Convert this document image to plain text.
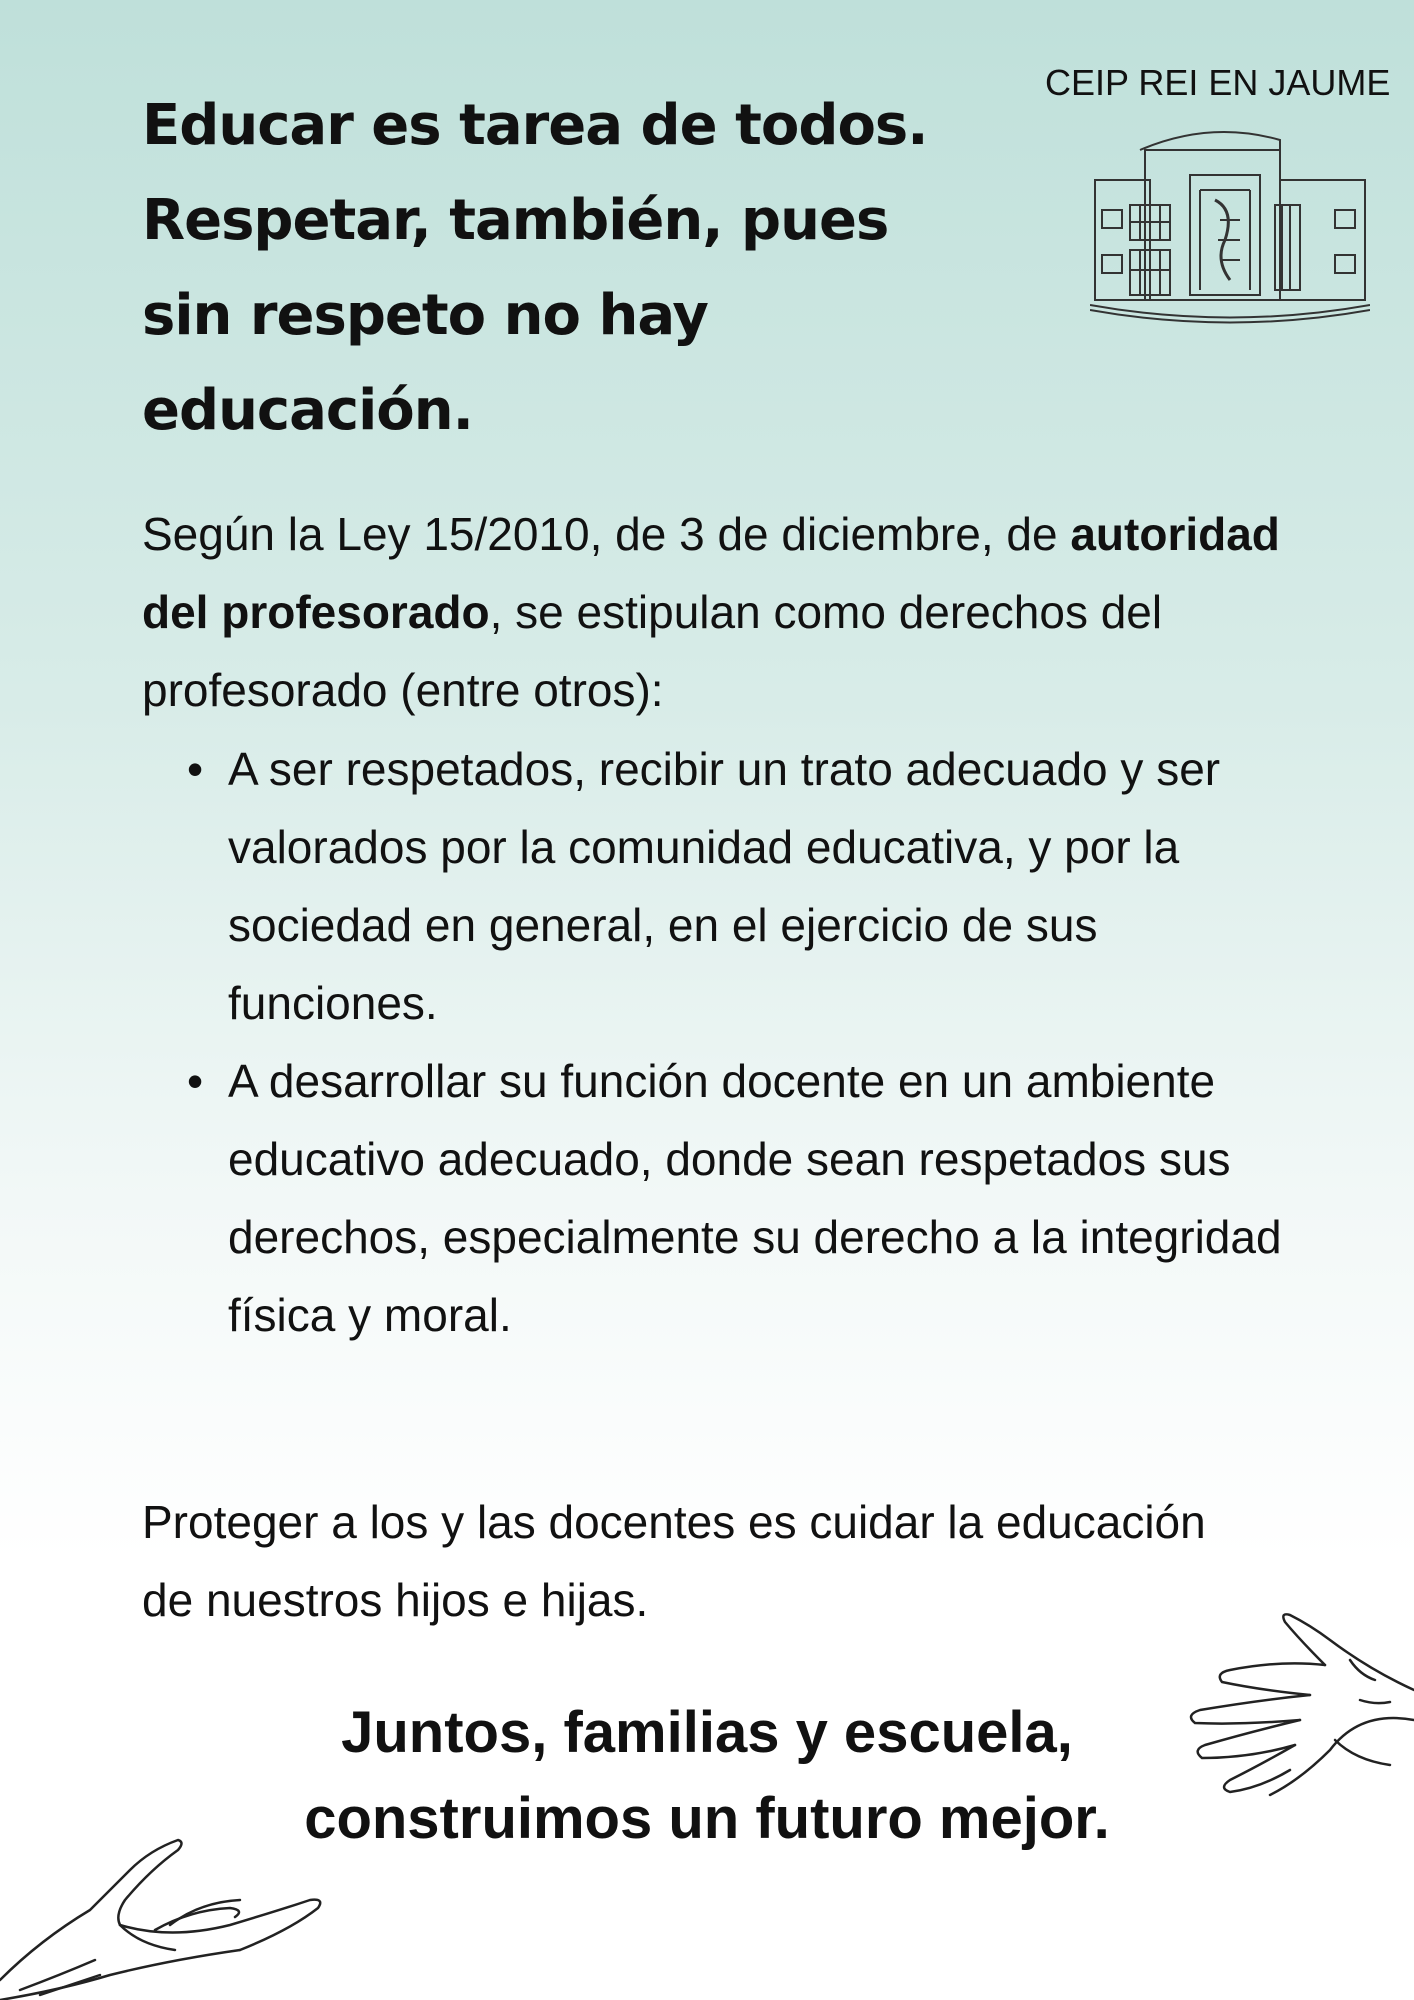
Educar es tarea de todos.
Respetar, también, pues
sin respeto no hay
educación.
CEIP REI EN JAUME

Según la Ley 15/2010, de 3 de diciembre, de autoridad del profesorado, se estipulan como derechos del profesorado (entre otros):

• A ser respetados, recibir un trato adecuado y ser valorados por la comunidad educativa, y por la sociedad en general, en el ejercicio de sus funciones.
• A desarrollar su función docente en un ambiente educativo adecuado, donde sean respetados sus derechos, especialmente su derecho a la integridad física y moral.

Proteger a los y las docentes es cuidar la educación de nuestros hijos e hijas.

Juntos, familias y escuela,
construimos un futuro mejor.
